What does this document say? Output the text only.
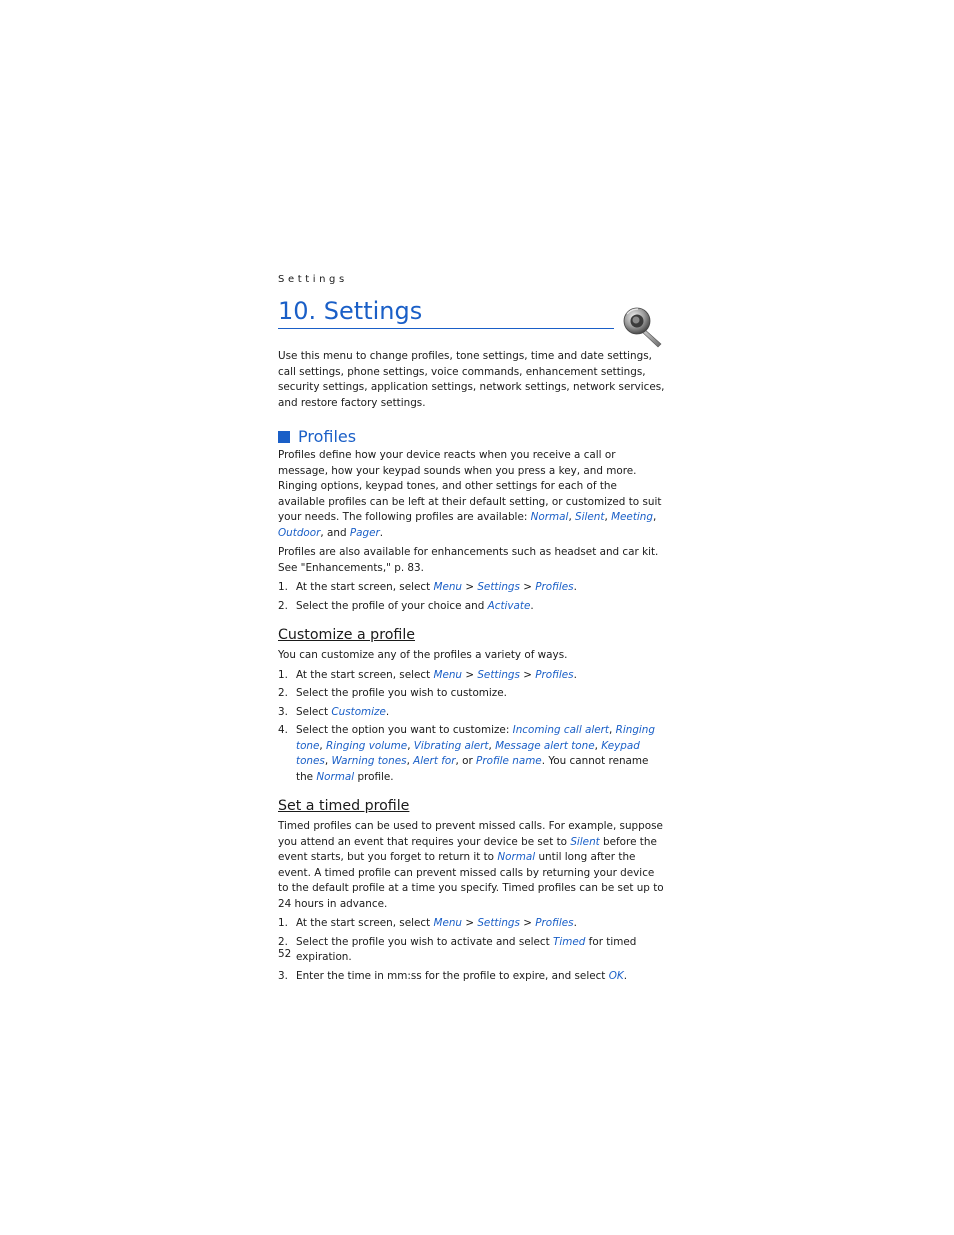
Settings
10. Settings

Use this menu to change profiles, tone settings, time and date settings, call settings, phone settings, voice commands, enhancement settings, security settings, application settings, network settings, network services, and restore factory settings.

Profiles

Profiles define how your device reacts when you receive a call or message, how your keypad sounds when you press a key, and more. Ringing options, keypad tones, and other settings for each of the available profiles can be left at their default setting, or customized to suit your needs. The following profiles are available: Normal, Silent, Meeting, Outdoor, and Pager.

Profiles are also available for enhancements such as headset and car kit. See "Enhancements," p. 83.

1. At the start screen, select Menu > Settings > Profiles.
2. Select the profile of your choice and Activate.
Customize a profile

You can customize any of the profiles a variety of ways.

1. At the start screen, select Menu > Settings > Profiles.
2. Select the profile you wish to customize.
3. Select Customize.
4. Select the option you want to customize: Incoming call alert, Ringing tone, Ringing volume, Vibrating alert, Message alert tone, Keypad tones, Warning tones, Alert for, or Profile name. You cannot rename the Normal profile.
Set a timed profile

Timed profiles can be used to prevent missed calls. For example, suppose you attend an event that requires your device be set to Silent before the event starts, but you forget to return it to Normal until long after the event. A timed profile can prevent missed calls by returning your device to the default profile at a time you specify. Timed profiles can be set up to 24 hours in advance.

1. At the start screen, select Menu > Settings > Profiles.
2. Select the profile you wish to activate and select Timed for timed expiration.
3. Enter the time in mm:ss for the profile to expire, and select OK.
52
